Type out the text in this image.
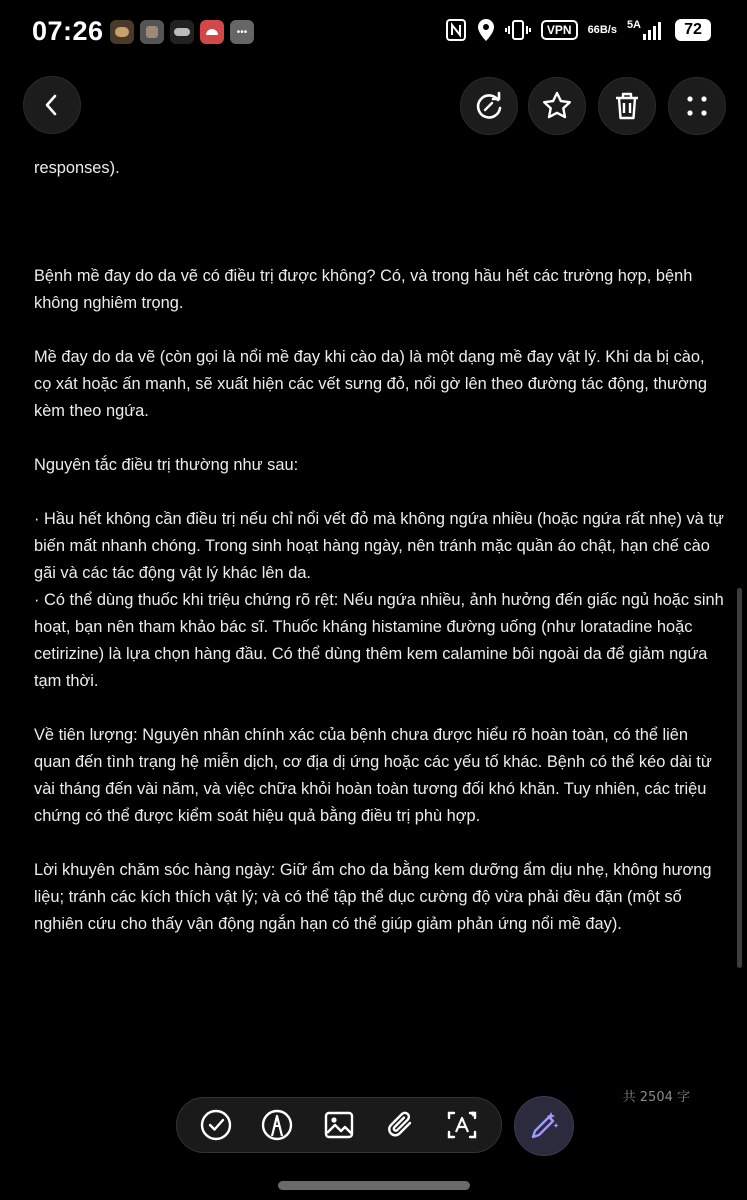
07:26	•••	VPN	66 B/s 5A	72
responses).

Bệnh mề đay do da vẽ có điều trị được không? Có, và trong hầu hết các trường hợp, bệnh không nghiêm trọng.

Mề đay do da vẽ (còn gọi là nổi mề đay khi cào da) là một dạng mề đay vật lý. Khi da bị cào, cọ xát hoặc ấn mạnh, sẽ xuất hiện các vết sưng đỏ, nổi gờ lên theo đường tác động, thường kèm theo ngứa.

Nguyên tắc điều trị thường như sau:

· Hầu hết không cần điều trị nếu chỉ nổi vết đỏ mà không ngứa nhiều (hoặc ngứa rất nhẹ) và tự biến mất nhanh chóng. Trong sinh hoạt hàng ngày, nên tránh mặc quần áo chật, hạn chế cào gãi và các tác động vật lý khác lên da.

· Có thể dùng thuốc khi triệu chứng rõ rệt: Nếu ngứa nhiều, ảnh hưởng đến giấc ngủ hoặc sinh hoạt, bạn nên tham khảo bác sĩ. Thuốc kháng histamine đường uống (như loratadine hoặc cetirizine) là lựa chọn hàng đầu. Có thể dùng thêm kem calamine bôi ngoài da để giảm ngứa tạm thời.

Về tiên lượng: Nguyên nhân chính xác của bệnh chưa được hiểu rõ hoàn toàn, có thể liên quan đến tình trạng hệ miễn dịch, cơ địa dị ứng hoặc các yếu tố khác. Bệnh có thể kéo dài từ vài tháng đến vài năm, và việc chữa khỏi hoàn toàn tương đối khó khăn. Tuy nhiên, các triệu chứng có thể được kiểm soát hiệu quả bằng điều trị phù hợp.

Lời khuyên chăm sóc hàng ngày: Giữ ẩm cho da bằng kem dưỡng ẩm dịu nhẹ, không hương liệu; tránh các kích thích vật lý; và có thể tập thể dục cường độ vừa phải đều đặn (một số nghiên cứu cho thấy vận động ngắn hạn có thể giúp giảm phản ứng nổi mề đay).

共 2504 字
